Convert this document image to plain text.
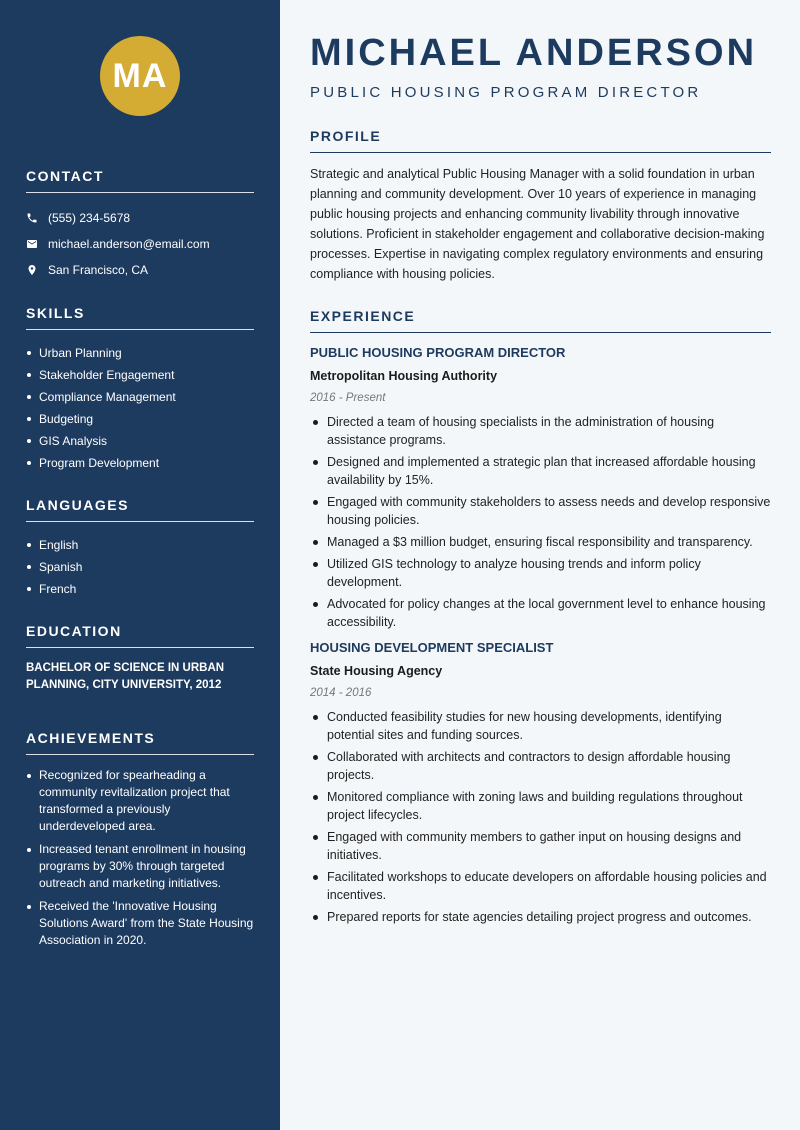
MA
CONTACT
(555) 234-5678
michael.anderson@email.com
San Francisco, CA
SKILLS
Urban Planning
Stakeholder Engagement
Compliance Management
Budgeting
GIS Analysis
Program Development
LANGUAGES
English
Spanish
French
EDUCATION
BACHELOR OF SCIENCE IN URBAN PLANNING, CITY UNIVERSITY, 2012
ACHIEVEMENTS
Recognized for spearheading a community revitalization project that transformed a previously underdeveloped area.
Increased tenant enrollment in housing programs by 30% through targeted outreach and marketing initiatives.
Received the 'Innovative Housing Solutions Award' from the State Housing Association in 2020.
MICHAEL ANDERSON
PUBLIC HOUSING PROGRAM DIRECTOR
PROFILE

Strategic and analytical Public Housing Manager with a solid foundation in urban planning and community development. Over 10 years of experience in managing public housing projects and enhancing community livability through innovative solutions. Proficient in stakeholder engagement and collaborative decision-making processes. Expertise in navigating complex regulatory environments and ensuring compliance with housing policies.

EXPERIENCE
PUBLIC HOUSING PROGRAM DIRECTOR
Metropolitan Housing Authority
2016 - Present
Directed a team of housing specialists in the administration of housing assistance programs.
Designed and implemented a strategic plan that increased affordable housing availability by 15%.
Engaged with community stakeholders to assess needs and develop responsive housing policies.
Managed a $3 million budget, ensuring fiscal responsibility and transparency.
Utilized GIS technology to analyze housing trends and inform policy development.
Advocated for policy changes at the local government level to enhance housing accessibility.
HOUSING DEVELOPMENT SPECIALIST
State Housing Agency
2014 - 2016
Conducted feasibility studies for new housing developments, identifying potential sites and funding sources.
Collaborated with architects and contractors to design affordable housing projects.
Monitored compliance with zoning laws and building regulations throughout project lifecycles.
Engaged with community members to gather input on housing designs and initiatives.
Facilitated workshops to educate developers on affordable housing policies and incentives.
Prepared reports for state agencies detailing project progress and outcomes.
